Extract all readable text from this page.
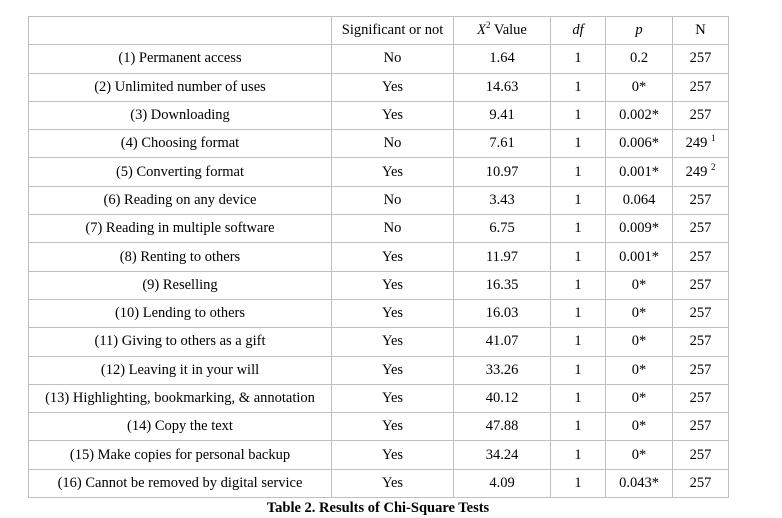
	Significant or not	$X^2$ Value	df	p	N
(1) Permanent access	No	1.64	1	0.2	257
(2) Unlimited number of uses	Yes	14.63	1	0*	257
(3) Downloading	Yes	9.41	1	0.002*	257
(4) Choosing format	No	7.61	1	0.006*	249 $^1$
(5) Converting format	Yes	10.97	1	0.001*	249 $^2$
(6) Reading on any device	No	3.43	1	0.064	257
(7) Reading in multiple software	No	6.75	1	0.009*	257
(8) Renting to others	Yes	11.97	1	0.001*	257
(9) Reselling	Yes	16.35	1	0*	257
(10) Lending to others	Yes	16.03	1	0*	257
(11) Giving to others as a gift	Yes	41.07	1	0*	257
(12) Leaving it in your will	Yes	33.26	1	0*	257
(13) Highlighting, bookmarking, & annotation	Yes	40.12	1	0*	257
(14) Copy the text	Yes	47.88	1	0*	257
(15) Make copies for personal backup	Yes	34.24	1	0*	257
(16) Cannot be removed by digital service	Yes	4.09	1	0.043*	257
Table 2. Results of Chi-Square Tests
